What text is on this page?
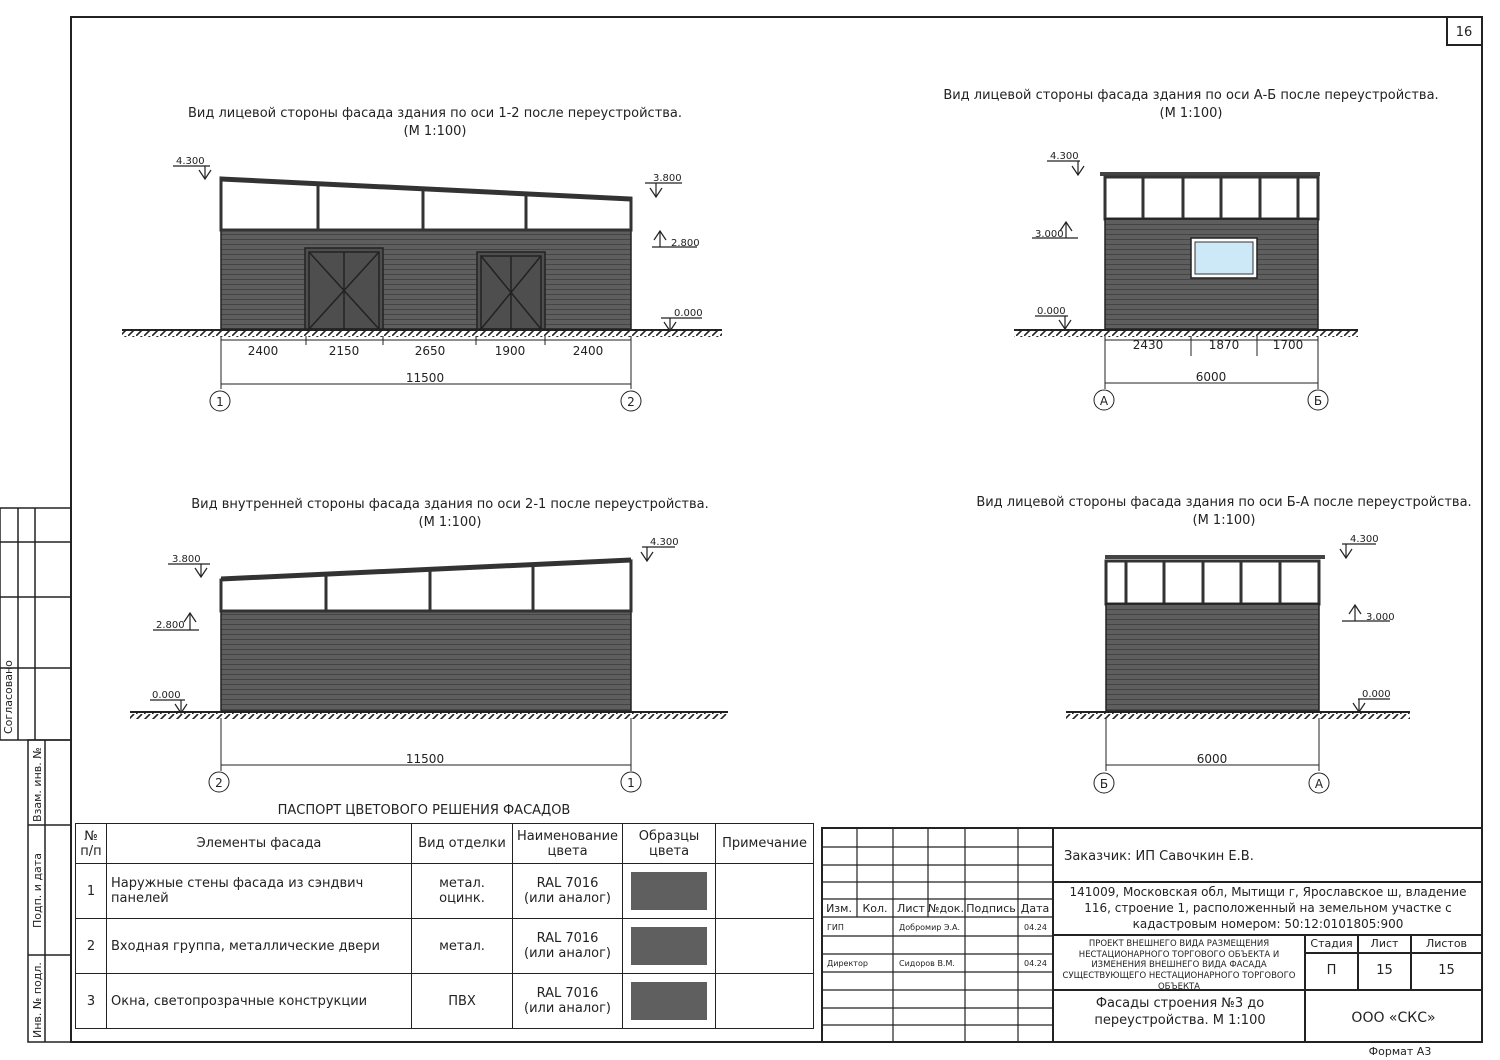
16
Согласовано
Взам. инв. №
Подп. и дата
Инв. № подл.
Вид лицевой стороны фасада здания по оси 1-2 после переустройства.
(М 1:100)
4.300
3.800
2.800
0.000
2400	2150	2650	1900	2400
11500
1	2
Вид лицевой стороны фасада здания по оси А-Б после переустройства.
(М 1:100)
4.300
3.000
0.000
2430	1870	1700
6000
А	Б
Вид внутренней стороны фасада здания по оси 2-1 после переустройства.
(М 1:100)
3.800
2.800
0.000
4.300
11500
2	1
Вид лицевой стороны фасада здания по оси Б-А после переустройства.
(М 1:100)
4.300
3.000
0.000
6000
Б	А
ПАСПОРТ ЦВЕТОВОГО РЕШЕНИЯ ФАСАДОВ
Изм. Кол. Лист №док. Подпись Дата
ГИП	Добромир Э.А.	04.24
Директор	Сидоров В.М.	04.24
Формат А3
№ п/п	Элементы фасада	Вид отделки	Наименование цвета	Образцы цвета	Примечание
1	Наружные стены фасада из сэндвич панелей	метал. оцинк.	RAL 7016
(или аналог)		

2	Входная группа, металлические двери	метал.	RAL 7016
(или аналог)		

3	Окна, светопрозрачные конструкции	ПВХ	RAL 7016
(или аналог)		

Заказчик: ИП Савочкин Е.В.
141009, Московская обл, Мытищи г, Ярославское ш, владение 116, строение 1, расположенный на земельном участке с кадастровым номером: 50:12:0101805:900
ПРОЕКТ ВНЕШНЕГО ВИДА РАЗМЕЩЕНИЯ НЕСТАЦИОНАРНОГО ТОРГОВОГО ОБЪЕКТА И ИЗМЕНЕНИЯ ВНЕШНЕГО ВИДА ФАСАДА СУЩЕСТВУЮЩЕГО НЕСТАЦИОНАРНОГО ТОРГОВОГО ОБЪЕКТА
Стадия	Лист	Листов
П	15	15
Фасады строения №3 до переустройства. М 1:100	ООО «СКС»
